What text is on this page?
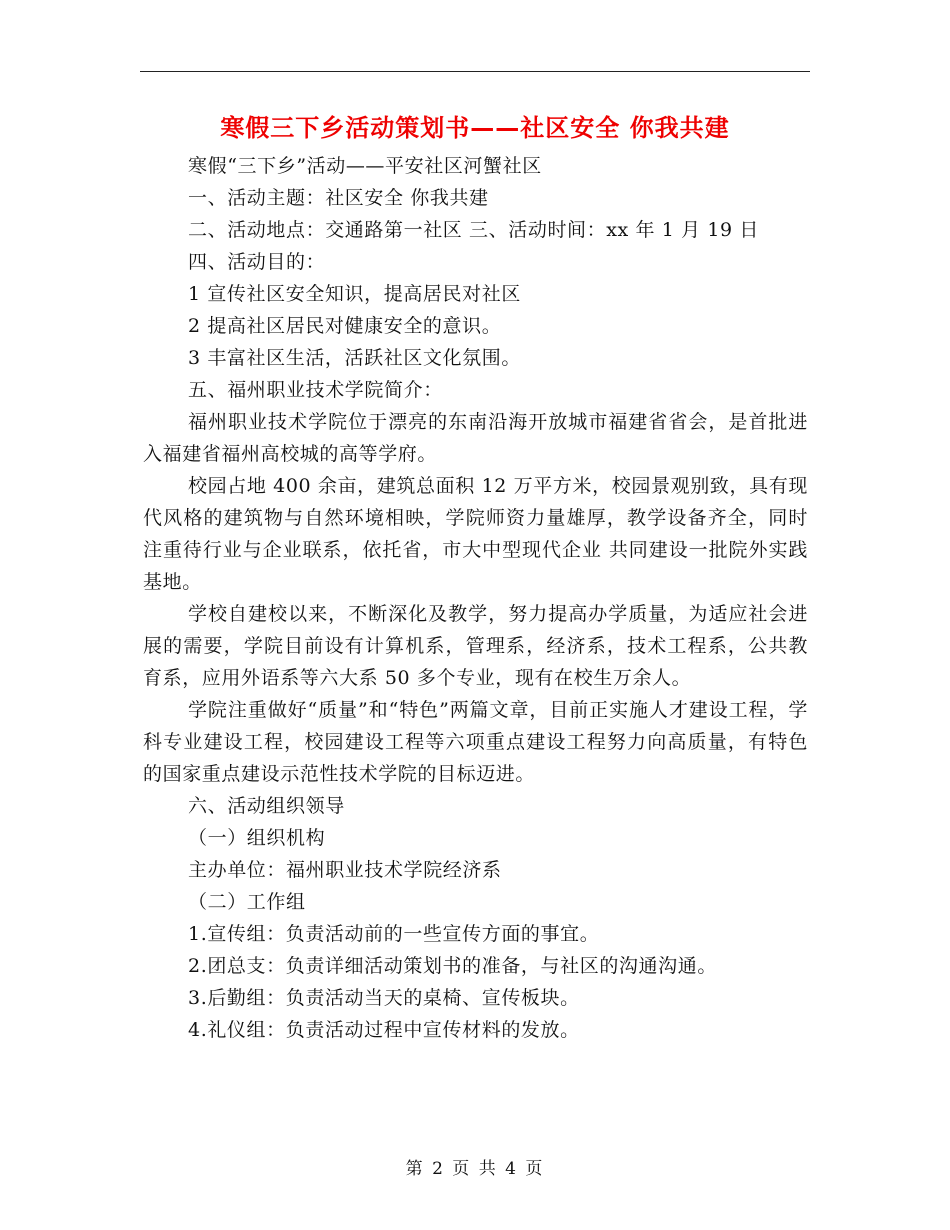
寒假三下乡活动策划书——社区安全 你我共建
寒假“三下乡”活动——平安社区河蟹社区
一、活动主题：社区安全 你我共建
二、活动地点：交通路第一社区 三、活动时间：xx 年 1 月 19 日
四、活动目的：
1 宣传社区安全知识，提高居民对社区
2 提高社区居民对健康安全的意识。
3 丰富社区生活，活跃社区文化氛围。
五、福州职业技术学院简介：

福州职业技术学院位于漂亮的东南沿海开放城市福建省省会，是首批进入福建省福州高校城的高等学府。

校园占地 400 余亩，建筑总面积 12 万平方米，校园景观别致，具有现代风格的建筑物与自然环境相映，学院师资力量雄厚，教学设备齐全，同时注重待行业与企业联系，依托省，市大中型现代企业 共同建设一批院外实践基地。

学校自建校以来，不断深化及教学，努力提高办学质量，为适应社会进展的需要，学院目前设有计算机系，管理系，经济系，技术工程系，公共教育系，应用外语系等六大系 50 多个专业，现有在校生万余人。

学院注重做好“质量”和“特色”两篇文章，目前正实施人才建设工程，学科专业建设工程，校园建设工程等六项重点建设工程努力向高质量，有特色的国家重点建设示范性技术学院的目标迈进。

六、活动组织领导
（一）组织机构
主办单位：福州职业技术学院经济系
（二）工作组
1.宣传组：负责活动前的一些宣传方面的事宜。
2.团总支：负责详细活动策划书的准备，与社区的沟通沟通。
3.后勤组：负责活动当天的桌椅、宣传板块。
4.礼仪组：负责活动过程中宣传材料的发放。
第 2 页 共 4 页
